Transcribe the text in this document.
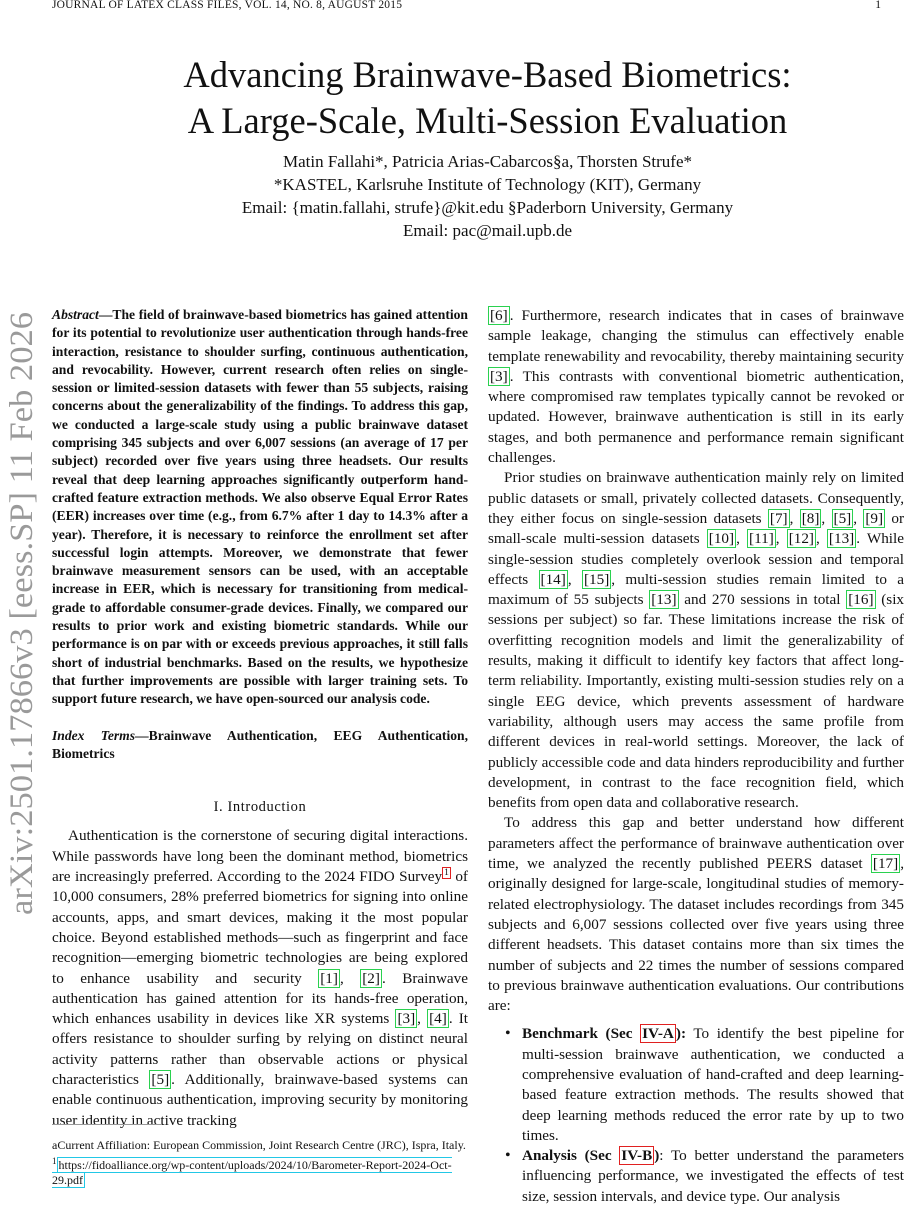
JOURNAL OF LATEX CLASS FILES, VOL. 14, NO. 8, AUGUST 2015	1
arXiv:2501.17866v3 [eess.SP] 11 Feb 2026
Advancing Brainwave-Based Biometrics:
A Large-Scale, Multi-Session Evaluation
Matin Fallahi*, Patricia Arias-Cabarcos§a, Thorsten Strufe*
*KASTEL, Karlsruhe Institute of Technology (KIT), Germany
Email: {matin.fallahi, strufe}@kit.edu §Paderborn University, Germany
Email: pac@mail.upb.de
Abstract—The field of brainwave-based biometrics has gained attention for its potential to revolutionize user authentication through hands-free interaction, resistance to shoulder surfing, continuous authentication, and revocability. However, current research often relies on single-session or limited-session datasets with fewer than 55 subjects, raising concerns about the generalizability of the findings. To address this gap, we conducted a large-scale study using a public brainwave dataset comprising 345 subjects and over 6,007 sessions (an average of 17 per subject) recorded over five years using three headsets. Our results reveal that deep learning approaches significantly outperform hand-crafted feature extraction methods. We also observe Equal Error Rates (EER) increases over time (e.g., from 6.7% after 1 day to 14.3% after a year). Therefore, it is necessary to reinforce the enrollment set after successful login attempts. Moreover, we demonstrate that fewer brainwave measurement sensors can be used, with an acceptable increase in EER, which is necessary for transitioning from medical-grade to affordable consumer-grade devices. Finally, we compared our results to prior work and existing biometric standards. While our performance is on par with or exceeds previous approaches, it still falls short of industrial benchmarks. Based on the results, we hypothesize that further improvements are possible with larger training sets. To support future research, we have open-sourced our analysis code.
Index Terms—Brainwave Authentication, EEG Authentication, Biometrics
I. Introduction

Authentication is the cornerstone of securing digital interactions. While passwords have long been the dominant method, biometrics are increasingly preferred. According to the 2024 FIDO Survey $^1$ of 10,000 consumers, 28% preferred biometrics for signing into online accounts, apps, and smart devices, making it the most popular choice. Beyond established methods—such as fingerprint and face recognition—emerging biometric technologies are being explored to enhance usability and security [1] , [2] . Brainwave authentication has gained attention for its hands-free operation, which enhances usability in devices like XR systems [3] , [4] . It offers resistance to shoulder surfing by relying on distinct neural activity patterns rather than observable actions or physical characteristics [5] . Additionally, brainwave-based systems can enable continuous authentication, improving security by monitoring user identity in active tracking

[6] . Furthermore, research indicates that in cases of brainwave sample leakage, changing the stimulus can effectively enable template renewability and revocability, thereby maintaining security [3] . This contrasts with conventional biometric authentication, where compromised raw templates typically cannot be revoked or updated. However, brainwave authentication is still in its early stages, and both permanence and performance remain significant challenges.

Prior studies on brainwave authentication mainly rely on limited public datasets or small, privately collected datasets. Consequently, they either focus on single-session datasets [7] , [8] , [5] , [9] or small-scale multi-session datasets [10] , [11] , [12] , [13] . While single-session studies completely overlook session and temporal effects [14] , [15] , multi-session studies remain limited to a maximum of 55 subjects [13] and 270 sessions in total [16] (six sessions per subject) so far. These limitations increase the risk of overfitting recognition models and limit the generalizability of results, making it difficult to identify key factors that affect long-term reliability. Importantly, existing multi-session studies rely on a single EEG device, which prevents assessment of hardware variability, although users may access the same profile from different devices in real-world settings. Moreover, the lack of publicly accessible code and data hinders reproducibility and further development, in contrast to the face recognition field, which benefits from open data and collaborative research.

To address this gap and better understand how different parameters affect the performance of brainwave authentication over time, we analyzed the recently published PEERS dataset [17] , originally designed for large-scale, longitudinal studies of memory-related electrophysiology. The dataset includes recordings from 345 subjects and 6,007 sessions collected over five years using three different headsets. This dataset contains more than six times the number of subjects and 22 times the number of sessions compared to previous brainwave authentication evaluations. Our contributions are:

• Benchmark (Sec IV-A ): To identify the best pipeline for multi-session brainwave authentication, we conducted a comprehensive evaluation of hand-crafted and deep learning-based feature extraction methods. The results showed that deep learning methods reduced the error rate by up to two times.
• Analysis (Sec IV-B ): To better understand the parameters influencing performance, we investigated the effects of test size, session intervals, and device type. Our analysis
aCurrent Affiliation: European Commission, Joint Research Centre (JRC), Ispra, Italy.
$^1$ https://fidoalliance.org/wp-content/uploads/2024/10/Barometer-Report-2024-Oct-29.pdf
